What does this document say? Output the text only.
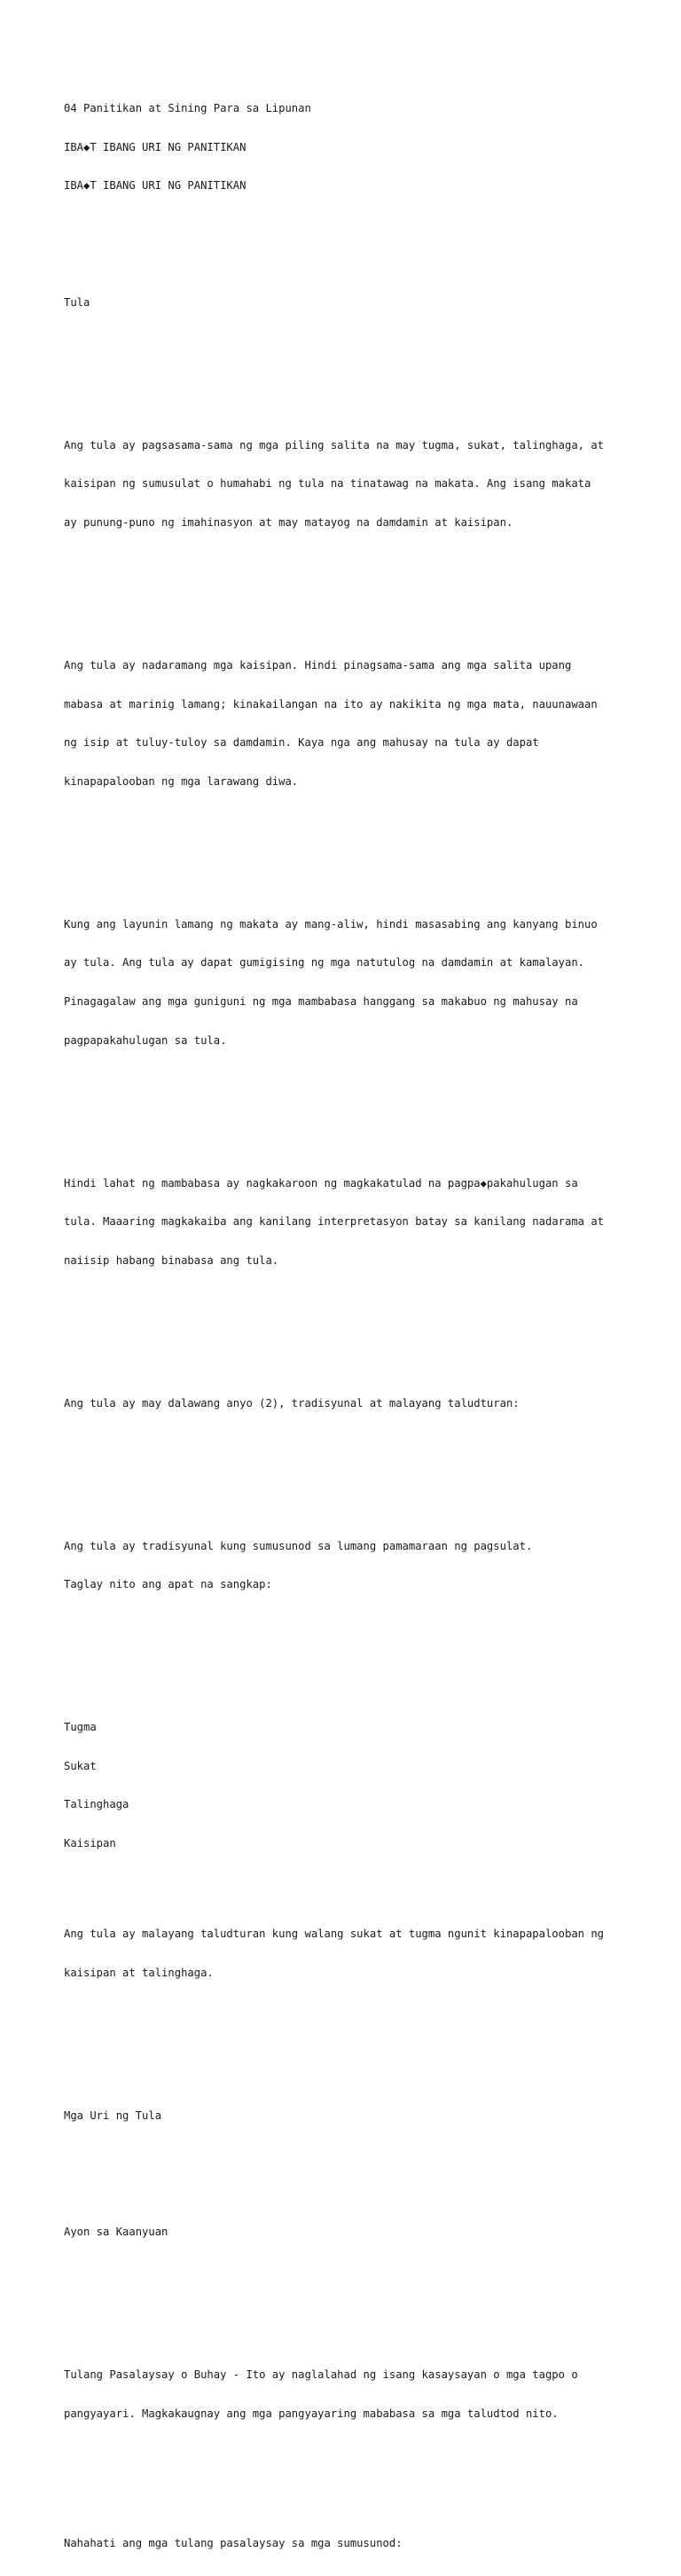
04 Panitikan at Sining Para sa Lipunan

IBA◆T IBANG URI NG PANITIKAN

IBA◆T IBANG URI NG PANITIKAN

Tula

Ang tula ay pagsasama-sama ng mga piling salita na may tugma, sukat, talinghaga, at

kaisipan ng sumusulat o humahabi ng tula na tinatawag na makata. Ang isang makata

ay punung-puno ng imahinasyon at may matayog na damdamin at kaisipan.

Ang tula ay nadaramang mga kaisipan. Hindi pinagsama-sama ang mga salita upang

mabasa at marinig lamang; kinakailangan na ito ay nakikita ng mga mata, nauunawaan

ng isip at tuluy-tuloy sa damdamin. Kaya nga ang mahusay na tula ay dapat

kinapapalooban ng mga larawang diwa.

Kung ang layunin lamang ng makata ay mang-aliw, hindi masasabing ang kanyang binuo

ay tula. Ang tula ay dapat gumigising ng mga natutulog na damdamin at kamalayan.

Pinagagalaw ang mga guniguni ng mga mambabasa hanggang sa makabuo ng mahusay na

pagpapakahulugan sa tula.

Hindi lahat ng mambabasa ay nagkakaroon ng magkakatulad na pagpa◆pakahulugan sa

tula. Maaaring magkakaiba ang kanilang interpretasyon batay sa kanilang nadarama at

naiisip habang binabasa ang tula.

Ang tula ay may dalawang anyo (2), tradisyunal at malayang taludturan:

Ang tula ay tradisyunal kung sumusunod sa lumang pamamaraan ng pagsulat.

Taglay nito ang apat na sangkap:

Tugma

Sukat

Talinghaga

Kaisipan

Ang tula ay malayang taludturan kung walang sukat at tugma ngunit kinapapalooban ng

kaisipan at talinghaga.

Mga Uri ng Tula

Ayon sa Kaanyuan

Tulang Pasalaysay o Buhay - Ito ay naglalahad ng isang kasaysayan o mga tagpo o

pangyayari. Magkakaugnay ang mga pangyayaring mababasa sa mga taludtod nito.

Nahahati ang mga tulang pasalaysay sa mga sumusunod:
